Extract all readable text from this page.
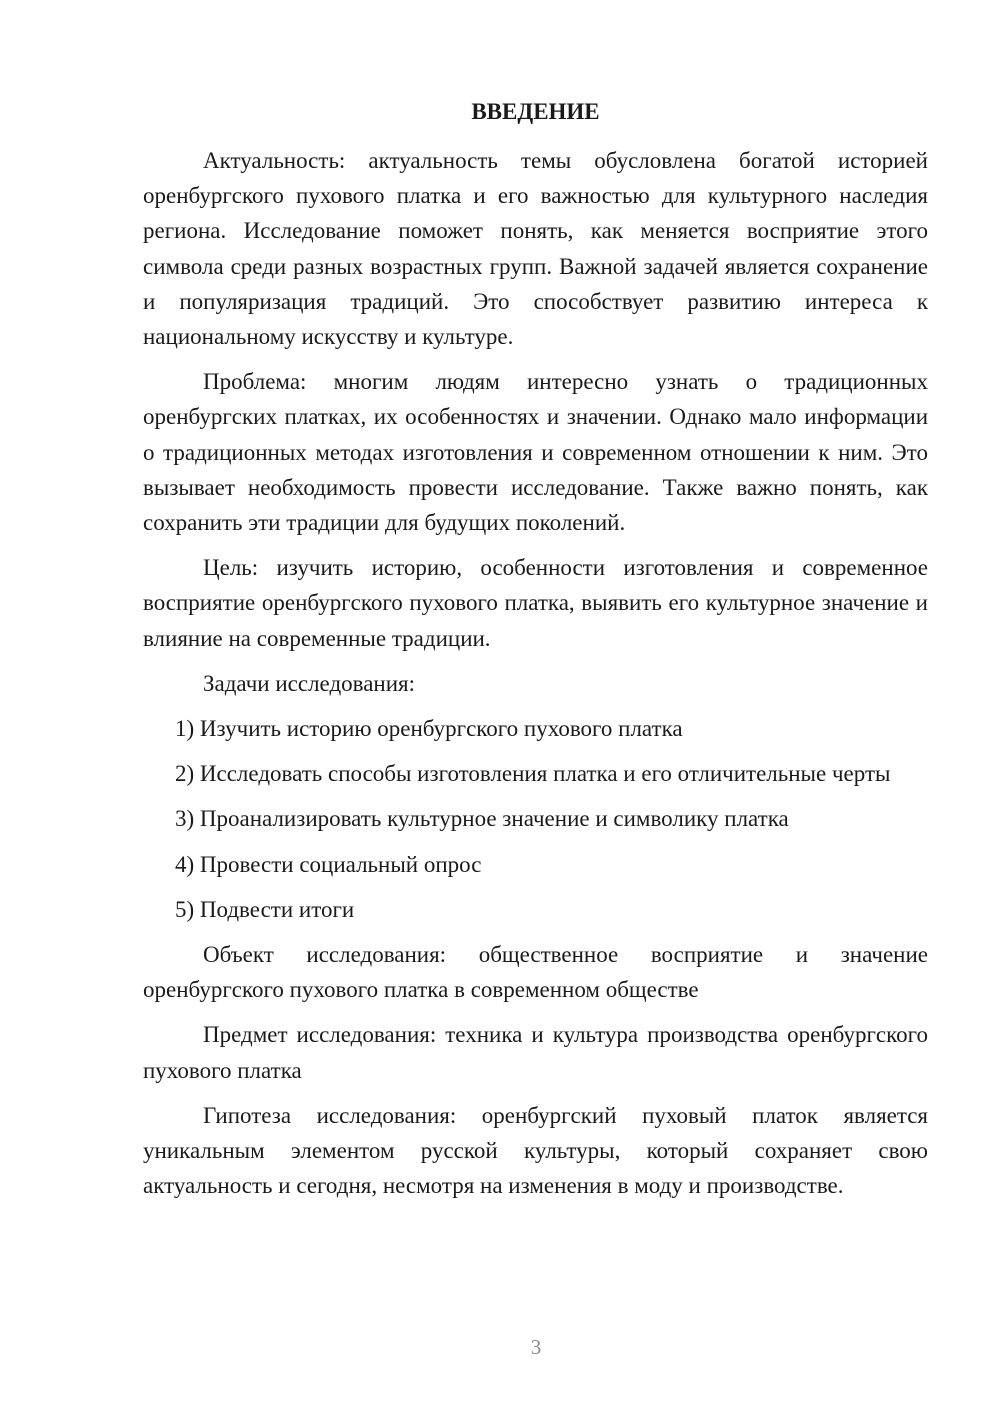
ВВЕДЕНИЕ

Актуальность: актуальность темы обусловлена богатой историей оренбургского пухового платка и его важностью для культурного наследия региона. Исследование поможет понять, как меняется восприятие этого символа среди разных возрастных групп. Важной задачей является сохранение и популяризация традиций. Это способствует развитию интереса к национальному искусству и культуре.

Проблема: многим людям интересно узнать о традиционных оренбургских платках, их особенностях и значении. Однако мало информации о традиционных методах изготовления и современном отношении к ним. Это вызывает необходимость провести исследование. Также важно понять, как сохранить эти традиции для будущих поколений.

Цель: изучить историю, особенности изготовления и современное восприятие оренбургского пухового платка, выявить его культурное значение и влияние на современные традиции.

Задачи исследования:

1) Изучить историю оренбургского пухового платка

2) Исследовать способы изготовления платка и его отличительные черты

3) Проанализировать культурное значение и символику платка

4) Провести социальный опрос

5) Подвести итоги

Объект исследования: общественное восприятие и значение оренбургского пухового платка в современном обществе

Предмет исследования: техника и культура производства оренбургского пухового платка

Гипотеза исследования: оренбургский пуховый платок является уникальным элементом русской культуры, который сохраняет свою актуальность и сегодня, несмотря на изменения в моду и производстве.

3
